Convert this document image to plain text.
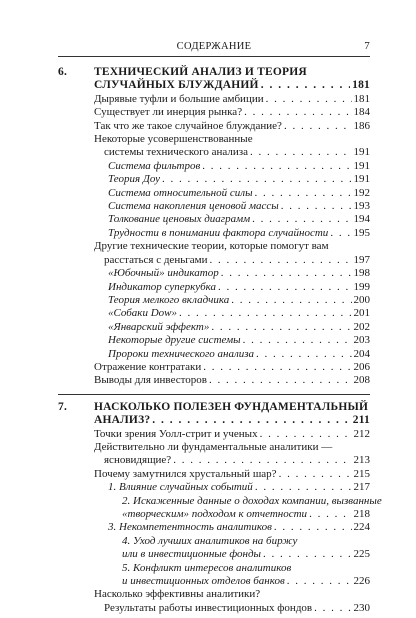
СОДЕРЖАНИЕ	7
6. ТЕХНИЧЕСКИЙ АНАЛИЗ И ТЕОРИЯ
СЛУЧАЙНЫХ БЛУЖДАНИЙ . . .	181
Дырявые туфли и большие амбиции . . .	181
Существует ли инерция рынка? . . .	184
Так что же такое случайное блуждание? . . .	186
Некоторые усовершенствованные
системы технического анализа . . .	191
Система фильтров . . .	191
Теория Доу . . .	191
Система относительной силы . . .	192
Система накопления ценовой массы . . .	193
Толкование ценовых диаграмм . . .	194
Трудности в понимании фактора случайности . . . 195
Другие технические теории, которые помогут вам
расстаться с деньгами . . .	197
«Юбочный» индикатор . . .	198
Индикатор суперкубка . . .	199
Теория мелкого вкладчика . . .	200
«Собаки Dow» . . .	201
«Январский эффект» . . .	202
Некоторые другие системы . . .	203
Пророки технического анализа . . .	204
Отражение контратаки . . .	206
Выводы для инвесторов . . .	208
7. НАСКОЛЬКО ПОЛЕЗЕН ФУНДАМЕНТАЛЬНЫЙ
АНАЛИЗ? . . .	211
Точки зрения Уолл-стрит и ученых . . .	212
Действительно ли фундаментальные аналитики —
ясновидящие? . . .	213
Почему замутнился хрустальный шар? . . .	215
1. Влияние случайных событий . . .	217
2. Искаженные данные о доходах компании, вызванные
«творческим» подходом к отчетности . . .	218
3. Некомпетентность аналитиков . . .	224
4. Уход лучших аналитиков на биржу
или в инвестиционные фонды . . .	225
5. Конфликт интересов аналитиков
и инвестиционных отделов банков . . .	226
Насколько эффективны аналитики?
Результаты работы инвестиционных фондов . . .	230
